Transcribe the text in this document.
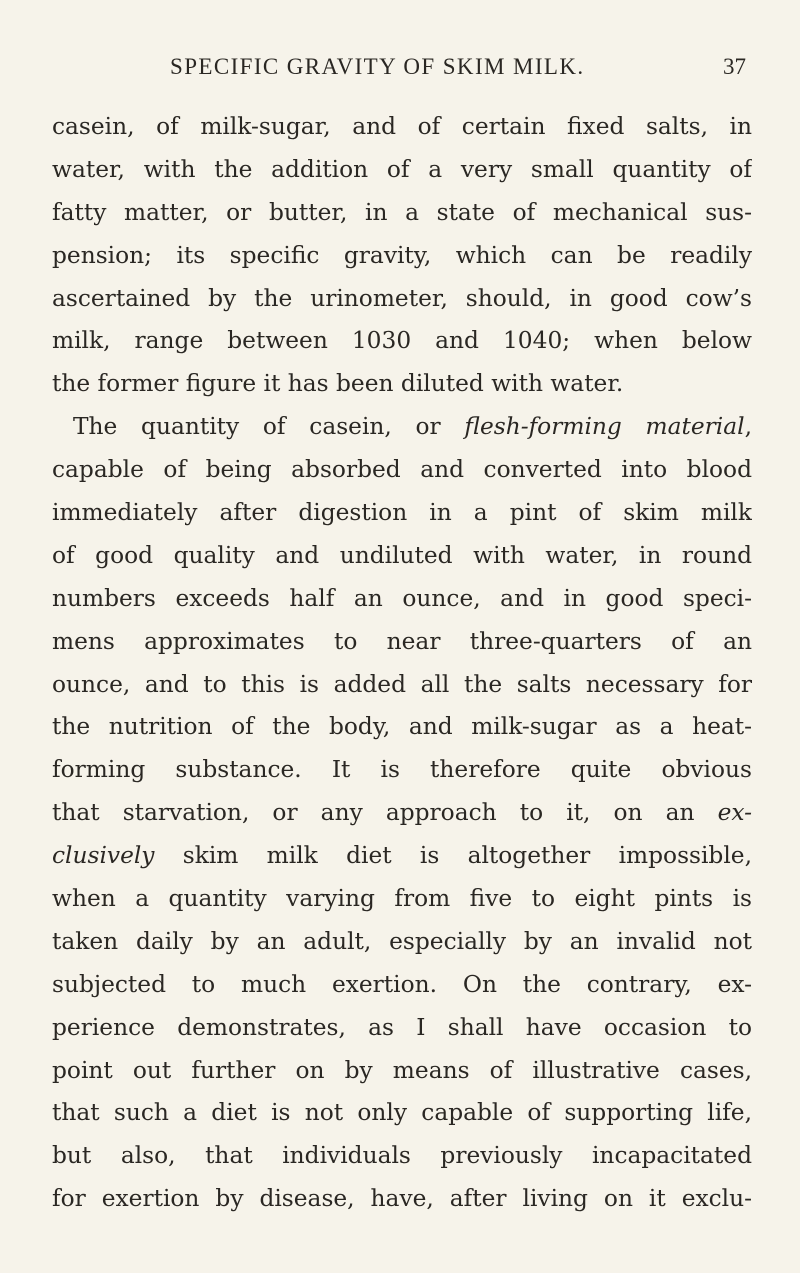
SPECIFIC GRAVITY OF SKIM MILK.	37
casein, of milk-sugar, and of certain fixed salts, in
water, with the addition of a very small quantity of
fatty matter, or butter, in a state of mechanical sus-
pension; its specific gravity, which can be readily
ascertained by the urinometer, should, in good cow’s
milk, range between 1030 and 1040; when below
the former figure it has been diluted with water.
The quantity of casein, or flesh-forming material,
capable of being absorbed and converted into blood
immediately after digestion in a pint of skim milk
of good quality and undiluted with water, in round
numbers exceeds half an ounce, and in good speci-
mens approximates to near three-quarters of an
ounce, and to this is added all the salts necessary for
the nutrition of the body, and milk-sugar as a heat-
forming substance. It is therefore quite obvious
that starvation, or any approach to it, on an ex-
clusively skim milk diet is altogether impossible,
when a quantity varying from five to eight pints is
taken daily by an adult, especially by an invalid not
subjected to much exertion. On the contrary, ex-
perience demonstrates, as I shall have occasion to
point out further on by means of illustrative cases,
that such a diet is not only capable of supporting life,
but also, that individuals previously incapacitated
for exertion by disease, have, after living on it exclu-
